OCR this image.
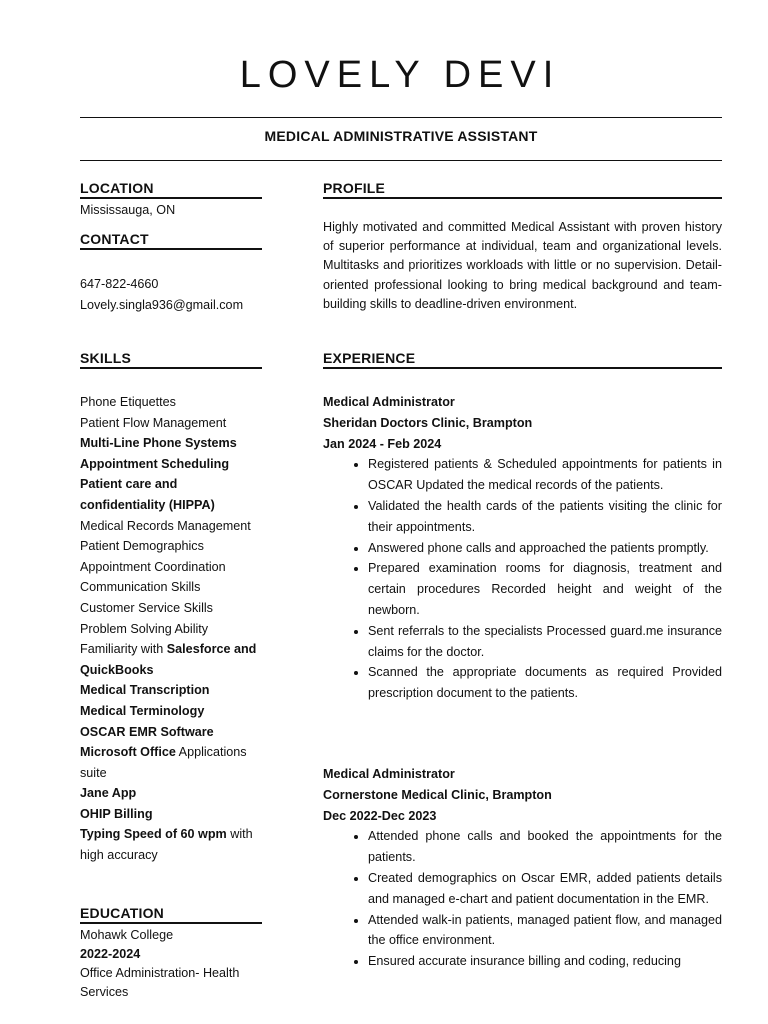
LOVELY DEVI
MEDICAL ADMINISTRATIVE ASSISTANT
LOCATION
Mississauga, ON
CONTACT
647-822-4660
Lovely.singla936@gmail.com
SKILLS
Phone Etiquettes
Patient Flow Management
Multi-Line Phone Systems
Appointment Scheduling
Patient care and confidentiality (HIPPA)
Medical Records Management
Patient Demographics
Appointment Coordination
Communication Skills
Customer Service Skills
Problem Solving Ability
Familiarity with Salesforce and QuickBooks
Medical Transcription
Medical Terminology
OSCAR EMR Software
Microsoft Office Applications suite
Jane App
OHIP Billing
Typing Speed of 60 wpm with high accuracy
EDUCATION
Mohawk College
2022-2024
Office Administration- Health Services
PROFILE
Highly motivated and committed Medical Assistant with proven history of superior performance at individual, team and organizational levels. Multitasks and prioritizes workloads with little or no supervision. Detail-oriented professional looking to bring medical background and team-building skills to deadline-driven environment.
EXPERIENCE
Medical Administrator
Sheridan Doctors Clinic, Brampton
Jan 2024 - Feb 2024
• Registered patients & Scheduled appointments for patients in OSCAR Updated the medical records of the patients.
• Validated the health cards of the patients visiting the clinic for their appointments.
• Answered phone calls and approached the patients promptly.
• Prepared examination rooms for diagnosis, treatment and certain procedures Recorded height and weight of the newborn.
• Sent referrals to the specialists Processed guard.me insurance claims for the doctor.
• Scanned the appropriate documents as required Provided prescription document to the patients.
Medical Administrator
Cornerstone Medical Clinic, Brampton
Dec 2022-Dec 2023
• Attended phone calls and booked the appointments for the patients.
• Created demographics on Oscar EMR, added patients details and managed e-chart and patient documentation in the EMR.
• Attended walk-in patients, managed patient flow, and managed the office environment.
• Ensured accurate insurance billing and coding, reducing
